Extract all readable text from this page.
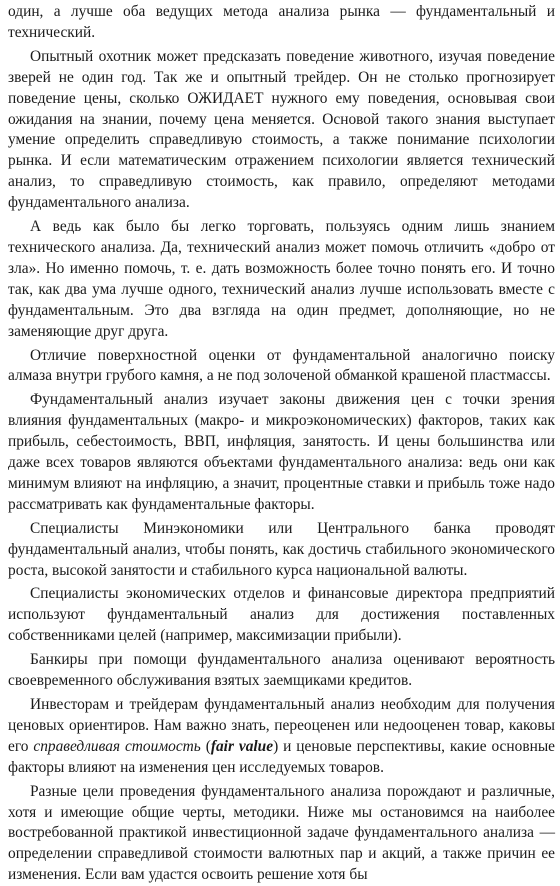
один, а лучше оба ведущих метода анализа рынка — фундаментальный и технический.

Опытный охотник может предсказать поведение животного, изучая поведение зверей не один год. Так же и опытный трейдер. Он не столько прогнозирует поведение цены, сколько ОЖИДАЕТ нужного ему поведения, основывая свои ожидания на знании, почему цена меняется. Основой такого знания выступает умение определить справедливую стоимость, а также понимание психологии рынка. И если математическим отражением психологии является технический анализ, то справедливую стоимость, как правило, определяют методами фундаментального анализа.

А ведь как было бы легко торговать, пользуясь одним лишь знанием технического анализа. Да, технический анализ может помочь отличить «добро от зла». Но именно помочь, т. е. дать возможность более точно понять его. И точно так, как два ума лучше одного, технический анализ лучше использовать вместе с фундаментальным. Это два взгляда на один предмет, дополняющие, но не заменяющие друг друга.

Отличие поверхностной оценки от фундаментальной аналогично поиску алмаза внутри грубого камня, а не под золоченой обманкой крашеной пластмассы.

Фундаментальный анализ изучает законы движения цен с точки зрения влияния фундаментальных (макро- и микроэкономических) факторов, таких как прибыль, себестоимость, ВВП, инфляция, занятость. И цены большинства или даже всех товаров являются объектами фундаментального анализа: ведь они как минимум влияют на инфляцию, а значит, процентные ставки и прибыль тоже надо рассматривать как фундаментальные факторы.

Специалисты Минэкономики или Центрального банка проводят фундаментальный анализ, чтобы понять, как достичь стабильного экономического роста, высокой занятости и стабильного курса национальной валюты.

Специалисты экономических отделов и финансовые директора предприятий используют фундаментальный анализ для достижения поставленных собственниками целей (например, максимизации прибыли).

Банкиры при помощи фундаментального анализа оценивают вероятность своевременного обслуживания взятых заемщиками кредитов.

Инвесторам и трейдерам фундаментальный анализ необходим для получения ценовых ориентиров. Нам важно знать, переоценен или недооценен товар, каковы его справедливая стоимость (fair value) и ценовые перспективы, какие основные факторы влияют на изменения цен исследуемых товаров.

Разные цели проведения фундаментального анализа порождают и различные, хотя и имеющие общие черты, методики. Ниже мы остановимся на наиболее востребованной практикой инвестиционной задаче фундаментального анализа — определении справедливой стоимости валютных пар и акций, а также причин ее изменения. Если вам удастся освоить решение хотя бы
